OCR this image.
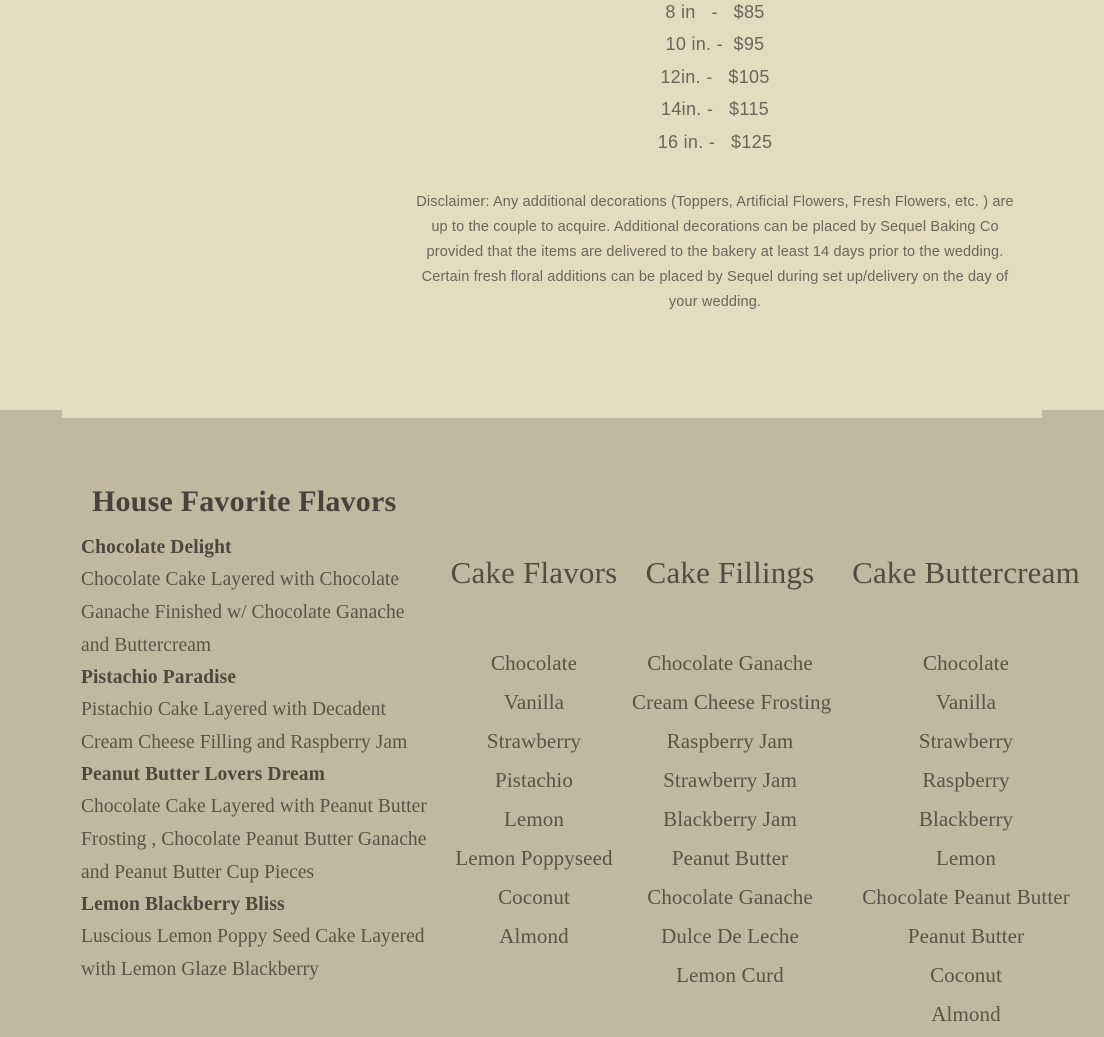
8 in   -   $85
10 in. -  $95
12in. -   $105
14in. -   $115
16 in. -   $125
Disclaimer: Any additional decorations (Toppers, Artificial Flowers, Fresh Flowers, etc. ) are up to the couple to acquire. Additional decorations can be placed by Sequel Baking Co provided that the items are delivered to the bakery at least 14 days prior to the wedding. Certain fresh floral additions can be placed by Sequel during set up/delivery on the day of your wedding.
House Favorite Flavors
Chocolate Delight
Chocolate Cake Layered with Chocolate Ganache Finished w/ Chocolate Ganache and Buttercream
Pistachio Paradise
Pistachio Cake Layered with Decadent Cream Cheese Filling and Raspberry Jam
Peanut Butter Lovers Dream
Chocolate Cake Layered with Peanut Butter Frosting , Chocolate Peanut Butter Ganache and Peanut Butter Cup Pieces
Lemon Blackberry Bliss
Luscious Lemon Poppy Seed Cake Layered with Lemon Glaze Blackberry
Cake Flavors Cake Fillings	Cake Buttercream
Chocolate
Vanilla
Strawberry
Pistachio
Lemon
Lemon Poppyseed
Coconut
Almond
Chocolate Ganache
Cream Cheese Frosting
Raspberry Jam
Strawberry Jam
Blackberry Jam
Peanut Butter
Chocolate Ganache
Dulce De Leche
Lemon Curd
Chocolate
Vanilla
Strawberry
Raspberry
Blackberry
Lemon
Chocolate Peanut Butter
Peanut Butter
Coconut
Almond
